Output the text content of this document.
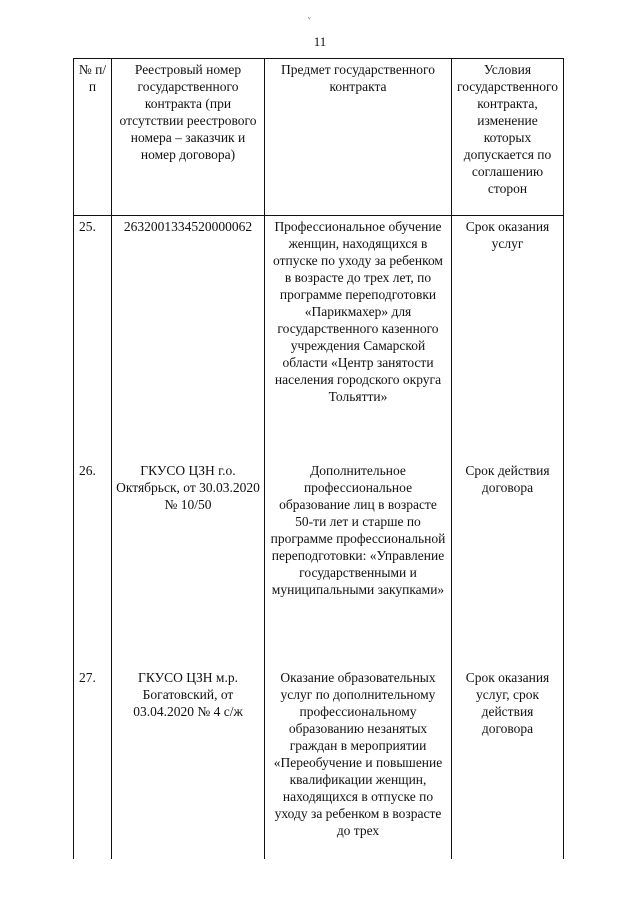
ᵛ
11
№ п/п	Реестровый номер государственного контракта (при отсутствии реестрового номера – заказчик и номер договора)	Предмет государственного контракта	Условия государственного контракта, изменение которых допускается по соглашению сторон
25.	2632001334520000062	Профессиональное обучение женщин, находящихся в отпуске по уходу за ребенком в возрасте до трех лет, по программе переподготовки «Парикмахер» для государственного казенного учреждения Самарской области «Центр занятости населения городского округа Тольятти»	Срок оказания услуг
26.	ГКУСО ЦЗН г.о. Октябрьск, от 30.03.2020 № 10/50	Дополнительное профессиональное образование лиц в возрасте 50-ти лет и старше по программе профессиональной переподготовки: «Управление государственными и муниципальными закупками»	Срок действия договора
27.	ГКУСО ЦЗН м.р. Богатовский, от 03.04.2020 № 4 с/ж	Оказание образовательных услуг по дополнительному профессиональному образованию незанятых граждан в мероприятии «Переобучение и повышение квалификации женщин, находящихся в отпуске по уходу за ребенком в возрасте до трех	Срок оказания услуг, срок действия договора
